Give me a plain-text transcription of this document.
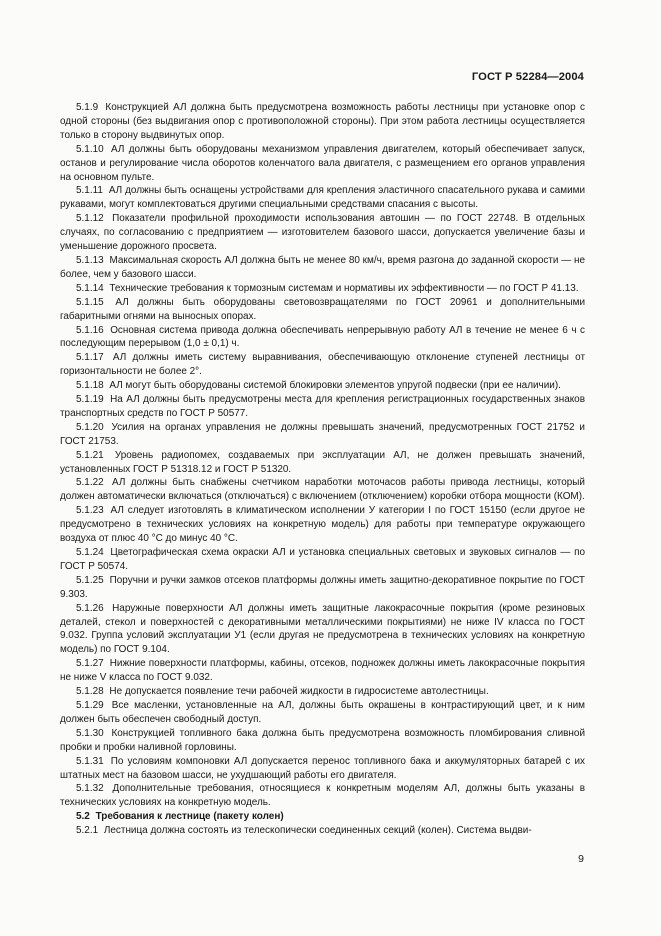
ГОСТ Р 52284—2004

5.1.9 Конструкцией АЛ должна быть предусмотрена возможность работы лестницы при установке опор с одной стороны (без выдвигания опор с противоположной стороны). При этом работа лестницы осуществляется только в сторону выдвинутых опор.

5.1.10 АЛ должны быть оборудованы механизмом управления двигателем, который обеспечивает запуск, останов и регулирование числа оборотов коленчатого вала двигателя, с размещением его органов управления на основном пульте.

5.1.11 АЛ должны быть оснащены устройствами для крепления эластичного спасательного рукава и самими рукавами, могут комплектоваться другими специальными средствами спасания с высоты.

5.1.12 Показатели профильной проходимости использования автошин — по ГОСТ 22748. В отдельных случаях, по согласованию с предприятием — изготовителем базового шасси, допускается увеличение базы и уменьшение дорожного просвета.

5.1.13 Максимальная скорость АЛ должна быть не менее 80 км/ч, время разгона до заданной скорости — не более, чем у базового шасси.

5.1.14 Технические требования к тормозным системам и нормативы их эффективности — по ГОСТ Р 41.13.

5.1.15 АЛ должны быть оборудованы световозвращателями по ГОСТ 20961 и дополнительными габаритными огнями на выносных опорах.

5.1.16 Основная система привода должна обеспечивать непрерывную работу АЛ в течение не менее 6 ч с последующим перерывом (1,0 ± 0,1) ч.

5.1.17 АЛ должны иметь систему выравнивания, обеспечивающую отклонение ступеней лестницы от горизонтальности не более 2°.

5.1.18 АЛ могут быть оборудованы системой блокировки элементов упругой подвески (при ее наличии).

5.1.19 На АЛ должны быть предусмотрены места для крепления регистрационных государственных знаков транспортных средств по ГОСТ Р 50577.

5.1.20 Усилия на органах управления не должны превышать значений, предусмотренных ГОСТ 21752 и ГОСТ 21753.

5.1.21 Уровень радиопомех, создаваемых при эксплуатации АЛ, не должен превышать значений, установленных ГОСТ Р 51318.12 и ГОСТ Р 51320.

5.1.22 АЛ должны быть снабжены счетчиком наработки моточасов работы привода лестницы, который должен автоматически включаться (отключаться) с включением (отключением) коробки отбора мощности (КОМ).

5.1.23 АЛ следует изготовлять в климатическом исполнении У категории I по ГОСТ 15150 (если другое не предусмотрено в технических условиях на конкретную модель) для работы при температуре окружающего воздуха от плюс 40 °С до минус 40 °С.

5.1.24 Цветографическая схема окраски АЛ и установка специальных световых и звуковых сигналов — по ГОСТ Р 50574.

5.1.25 Поручни и ручки замков отсеков платформы должны иметь защитно-декоративное покрытие по ГОСТ 9.303.

5.1.26 Наружные поверхности АЛ должны иметь защитные лакокрасочные покрытия (кроме резиновых деталей, стекол и поверхностей с декоративными металлическими покрытиями) не ниже IV класса по ГОСТ 9.032. Группа условий эксплуатации У1 (если другая не предусмотрена в технических условиях на конкретную модель) по ГОСТ 9.104.

5.1.27 Нижние поверхности платформы, кабины, отсеков, подножек должны иметь лакокрасочные покрытия не ниже V класса по ГОСТ 9.032.

5.1.28 Не допускается появление течи рабочей жидкости в гидросистеме автолестницы.

5.1.29 Все масленки, установленные на АЛ, должны быть окрашены в контрастирующий цвет, и к ним должен быть обеспечен свободный доступ.

5.1.30 Конструкцией топливного бака должна быть предусмотрена возможность пломбирования сливной пробки и пробки наливной горловины.

5.1.31 По условиям компоновки АЛ допускается перенос топливного бака и аккумуляторных батарей с их штатных мест на базовом шасси, не ухудшающий работы его двигателя.

5.1.32 Дополнительные требования, относящиеся к конкретным моделям АЛ, должны быть указаны в технических условиях на конкретную модель.

5.2 Требования к лестнице (пакету колен)

5.2.1 Лестница должна состоять из телескопически соединенных секций (колен). Система выдви-

9
